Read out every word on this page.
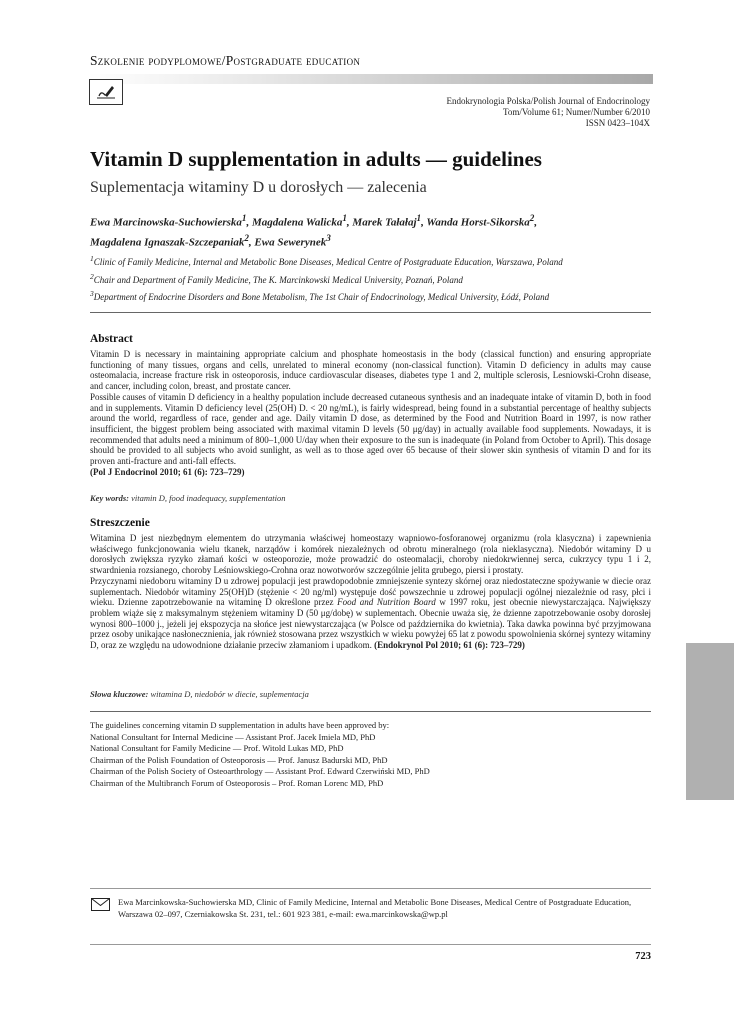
Szkolenie podyplomowe/Postgraduate education
Endokrynologia Polska/Polish Journal of Endocrinology
Tom/Volume 61; Numer/Number 6/2010
ISSN 0423–104X
Vitamin D supplementation in adults — guidelines
Suplementacja witaminy D u dorosłych — zalecenia
Ewa Marcinowska-Suchowierska$^1$, Magdalena Walicka$^1$, Marek Tałałaj$^1$, Wanda Horst-Sikorska$^2$,
Magdalena Ignaszak-Szczepaniak$^2$, Ewa Sewerynek$^3$
$^1$Clinic of Family Medicine, Internal and Metabolic Bone Diseases, Medical Centre of Postgraduate Education, Warszawa, Poland
$^2$Chair and Department of Family Medicine, The K. Marcinkowski Medical University, Poznań, Poland
$^3$Department of Endocrine Disorders and Bone Metabolism, The 1st Chair of Endocrinology, Medical University, Łódź, Poland
Abstract

Vitamin D is necessary in maintaining appropriate calcium and phosphate homeostasis in the body (classical function) and ensuring appropriate functioning of many tissues, organs and cells, unrelated to mineral economy (non-classical function). Vitamin D deficiency in adults may cause osteomalacia, increase fracture risk in osteoporosis, induce cardiovascular diseases, diabetes type 1 and 2, multiple sclerosis, Lesniowski-Crohn disease, and cancer, including colon, breast, and prostate cancer.

Possible causes of vitamin D deficiency in a healthy population include decreased cutaneous synthesis and an inadequate intake of vitamin D, both in food and in supplements. Vitamin D deficiency level (25(OH) D. < 20 ng/mL), is fairly widespread, being found in a substantial percentage of healthy subjects around the world, regardless of race, gender and age. Daily vitamin D dose, as determined by the Food and Nutrition Board in 1997, is now rather insufficient, the biggest problem being associated with maximal vitamin D levels (50 μg/day) in actually available food supplements. Nowadays, it is recommended that adults need a minimum of 800–1,000 U/day when their exposure to the sun is inadequate (in Poland from October to April). This dosage should be provided to all subjects who avoid sunlight, as well as to those aged over 65 because of their slower skin synthesis of vitamin D and for its proven anti-fracture and anti-fall effects.

(Pol J Endocrinol 2010; 61 (6): 723–729)

Key words: vitamin D, food inadequacy, supplementation
Streszczenie

Witamina D jest niezbędnym elementem do utrzymania właściwej homeostazy wapniowo-fosforanowej organizmu (rola klasyczna) i zapewnienia właściwego funkcjonowania wielu tkanek, narządów i komórek niezależnych od obrotu mineralnego (rola nieklasyczna). Niedobór witaminy D u dorosłych zwiększa ryzyko złamań kości w osteoporozie, może prowadzić do osteomalacji, choroby niedokrwiennej serca, cukrzycy typu 1 i 2, stwardnienia rozsianego, choroby Leśniowskiego-Crohna oraz nowotworów szczególnie jelita grubego, piersi i prostaty.

Przyczynami niedoboru witaminy D u zdrowej populacji jest prawdopodobnie zmniejszenie syntezy skórnej oraz niedostateczne spożywanie w diecie oraz suplementach. Niedobór witaminy 25(OH)D (stężenie < 20 ng/ml) występuje dość powszechnie u zdrowej populacji ogólnej niezależnie od rasy, płci i wieku. Dzienne zapotrzebowanie na witaminę D określone przez Food and Nutrition Board w 1997 roku, jest obecnie niewystarczająca. Największy problem wiąże się z maksymalnym stężeniem witaminy D (50 μg/dobę) w suplementach. Obecnie uważa się, że dzienne zapotrzebowanie osoby dorosłej wynosi 800–1000 j., jeżeli jej ekspozycja na słońce jest niewystarczająca (w Polsce od października do kwietnia). Taka dawka powinna być przyjmowana przez osoby unikające nasłonecznienia, jak również stosowana przez wszystkich w wieku powyżej 65 lat z powodu spowolnienia skórnej syntezy witaminy D, oraz ze względu na udowodnione działanie przeciw złamaniom i upadkom. (Endokrynol Pol 2010; 61 (6): 723–729)

Słowa kluczowe: witamina D, niedobór w diecie, suplementacja
The guidelines concerning vitamin D supplementation in adults have been approved by:
National Consultant for Internal Medicine — Assistant Prof. Jacek Imiela MD, PhD
National Consultant for Family Medicine — Prof. Witold Lukas MD, PhD
Chairman of the Polish Foundation of Osteoporosis — Prof. Janusz Badurski MD, PhD
Chairman of the Polish Society of Osteoarthrology — Assistant Prof. Edward Czerwiński MD, PhD
Chairman of the Multibranch Forum of Osteoporosis – Prof. Roman Lorenc MD, PhD
Ewa Marcinkowska-Suchowierska MD, Clinic of Family Medicine, Internal and Metabolic Bone Diseases, Medical Centre of Postgraduate Education, Warszawa 02–097, Czerniakowska St. 231, tel.: 601 923 381, e-mail: ewa.marcinkowska@wp.pl
723
